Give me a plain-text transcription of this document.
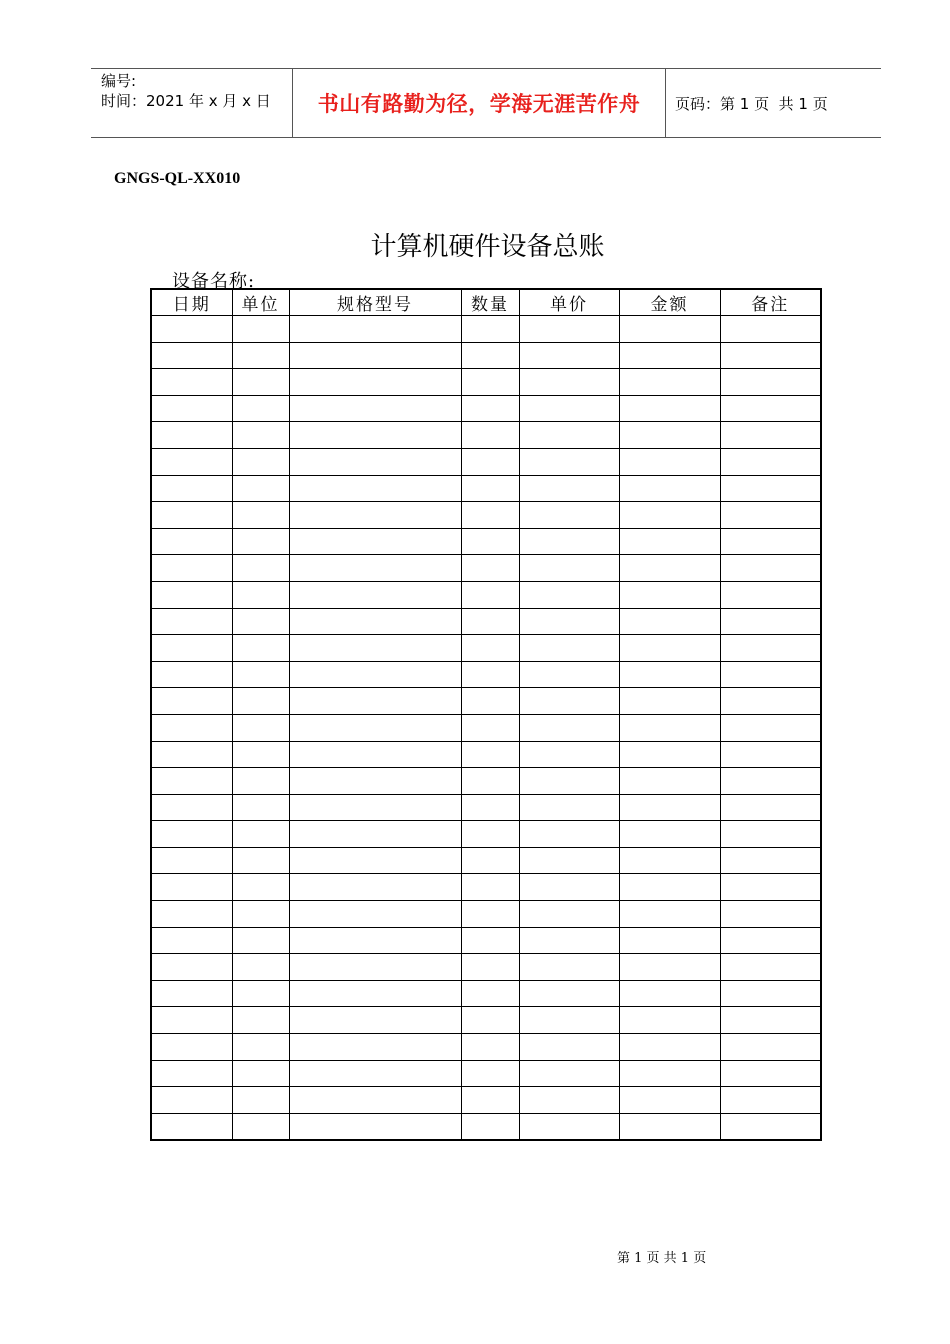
编号:
时间：2021 年 x 月 x 日	书山有路勤为径，学海无涯苦作舟	页码：第 1 页  共 1 页
GNGS-QL-XX010
计算机硬件设备总账
设备名称:
日期	单位	规格型号	数量	单价	金额	备注

第 1 页 共 1 页
